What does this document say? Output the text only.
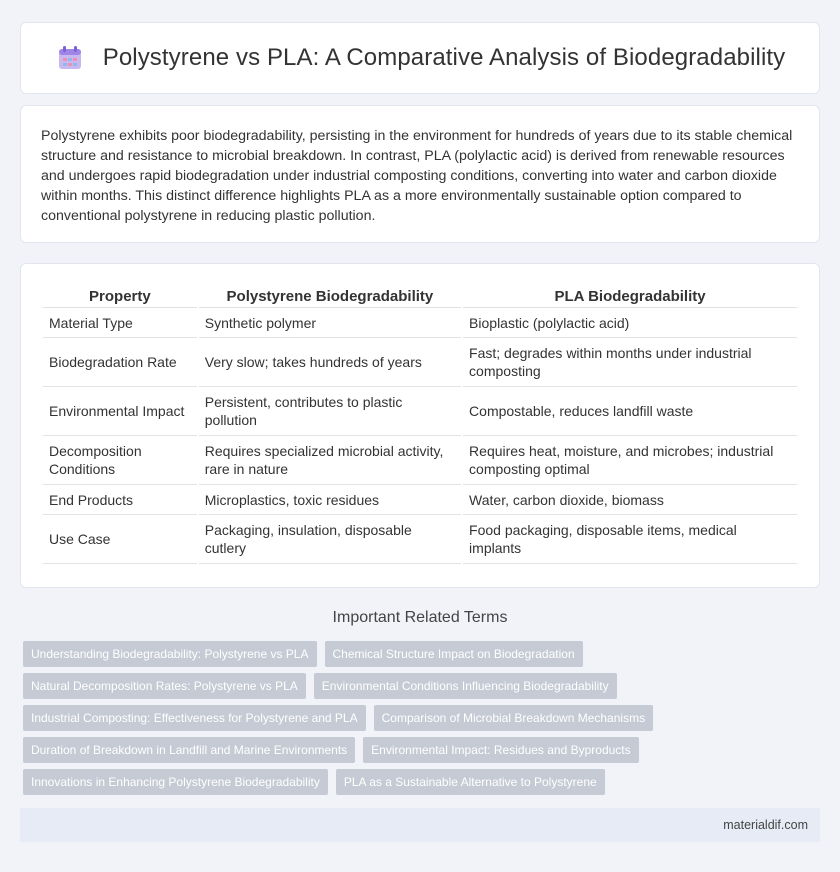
Polystyrene vs PLA: A Comparative Analysis of Biodegradability

Polystyrene exhibits poor biodegradability, persisting in the environment for hundreds of years due to its stable chemical structure and resistance to microbial breakdown. In contrast, PLA (polylactic acid) is derived from renewable resources and undergoes rapid biodegradation under industrial composting conditions, converting into water and carbon dioxide within months. This distinct difference highlights PLA as a more environmentally sustainable option compared to conventional polystyrene in reducing plastic pollution.

Property	Polystyrene Biodegradability	PLA Biodegradability
Material Type	Synthetic polymer	Bioplastic (polylactic acid)
Biodegradation Rate	Very slow; takes hundreds of years	Fast; degrades within months under industrial composting
Environmental Impact	Persistent, contributes to plastic pollution	Compostable, reduces landfill waste
Decomposition Conditions	Requires specialized microbial activity, rare in nature	Requires heat, moisture, and microbes; industrial composting optimal
End Products	Microplastics, toxic residues	Water, carbon dioxide, biomass
Use Case	Packaging, insulation, disposable cutlery	Food packaging, disposable items, medical implants
Important Related Terms
Understanding Biodegradability: Polystyrene vs PLA	Chemical Structure Impact on Biodegradation
Natural Decomposition Rates: Polystyrene vs PLA	Environmental Conditions Influencing Biodegradability
Industrial Composting: Effectiveness for Polystyrene and PLA	Comparison of Microbial Breakdown Mechanisms
Duration of Breakdown in Landfill and Marine Environments	Environmental Impact: Residues and Byproducts
Innovations in Enhancing Polystyrene Biodegradability	PLA as a Sustainable Alternative to Polystyrene
materialdif.com
